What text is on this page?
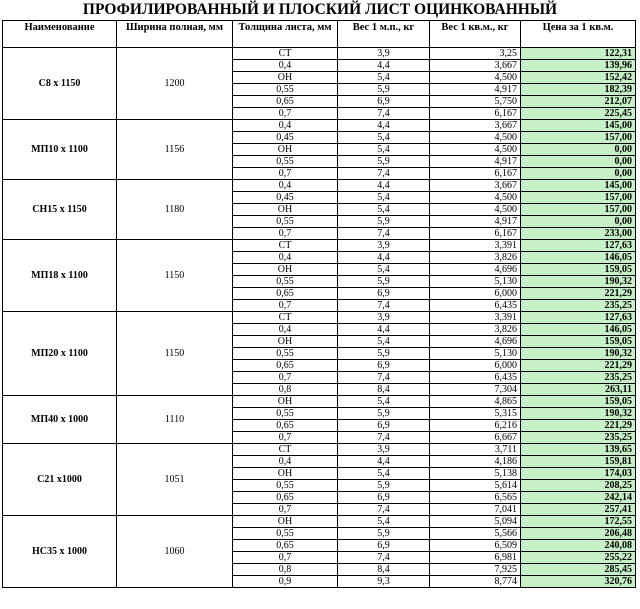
ПРОФИЛИРОВАННЫЙ И ПЛОСКИЙ ЛИСТ ОЦИНКОВАННЫЙ
Наименование	Ширина полная, мм	Толщина листа, мм	Вес 1 м.п., кг	Вес 1 кв.м., кг	Цена за 1 кв.м.
C8 x 1150	1200	СТ	3,9	3,25	122,31
		0,4	4,4	3,667	139,96
		ОН	5,4	4,500	152,42
		0,55	5,9	4,917	182,39
		0,65	6,9	5,750	212,07
		0,7	7,4	6,167	225,45
МП10 x 1100	1156	0,4	4,4	3,667	145,00
		0,45	5,4	4,500	157,00
		ОН	5,4	4,500	0,00
		0,55	5,9	4,917	0,00
		0,7	7,4	6,167	0,00
СН15 x 1150	1180	0,4	4,4	3,667	145,00
		0,45	5,4	4,500	157,00
		ОН	5,4	4,500	157,00
		0,55	5,9	4,917	0,00
		0,7	7,4	6,167	233,00
МП18 x 1100	1150	СТ	3,9	3,391	127,63
		0,4	4,4	3,826	146,05
		ОН	5,4	4,696	159,05
		0,55	5,9	5,130	190,32
		0,65	6,9	6,000	221,29
		0,7	7,4	6,435	235,25
МП20 x 1100	1150	СТ	3,9	3,391	127,63
		0,4	4,4	3,826	146,05
		ОН	5,4	4,696	159,05
		0,55	5,9	5,130	190,32
		0,65	6,9	6,000	221,29
		0,7	7,4	6,435	235,25
		0,8	8,4	7,304	263,11
МП40 x 1000	1110	ОН	5,4	4,865	159,05
		0,55	5,9	5,315	190,32
		0,65	6,9	6,216	221,29
		0,7	7,4	6,667	235,25
С21 x1000	1051	СТ	3,9	3,711	139,65
		0,4	4,4	4,186	159,81
		ОН	5,4	5,138	174,03
		0,55	5,9	5,614	208,25
		0,65	6,9	6,565	242,14
		0,7	7,4	7,041	257,41
НС35 x 1000	1060	ОН	5,4	5,094	172,55
		0,55	5,9	5,566	206,48
		0,65	6,9	6,509	240,08
		0,7	7,4	6,981	255,22
		0,8	8,4	7,925	285,45
		0,9	9,3	8,774	320,76
